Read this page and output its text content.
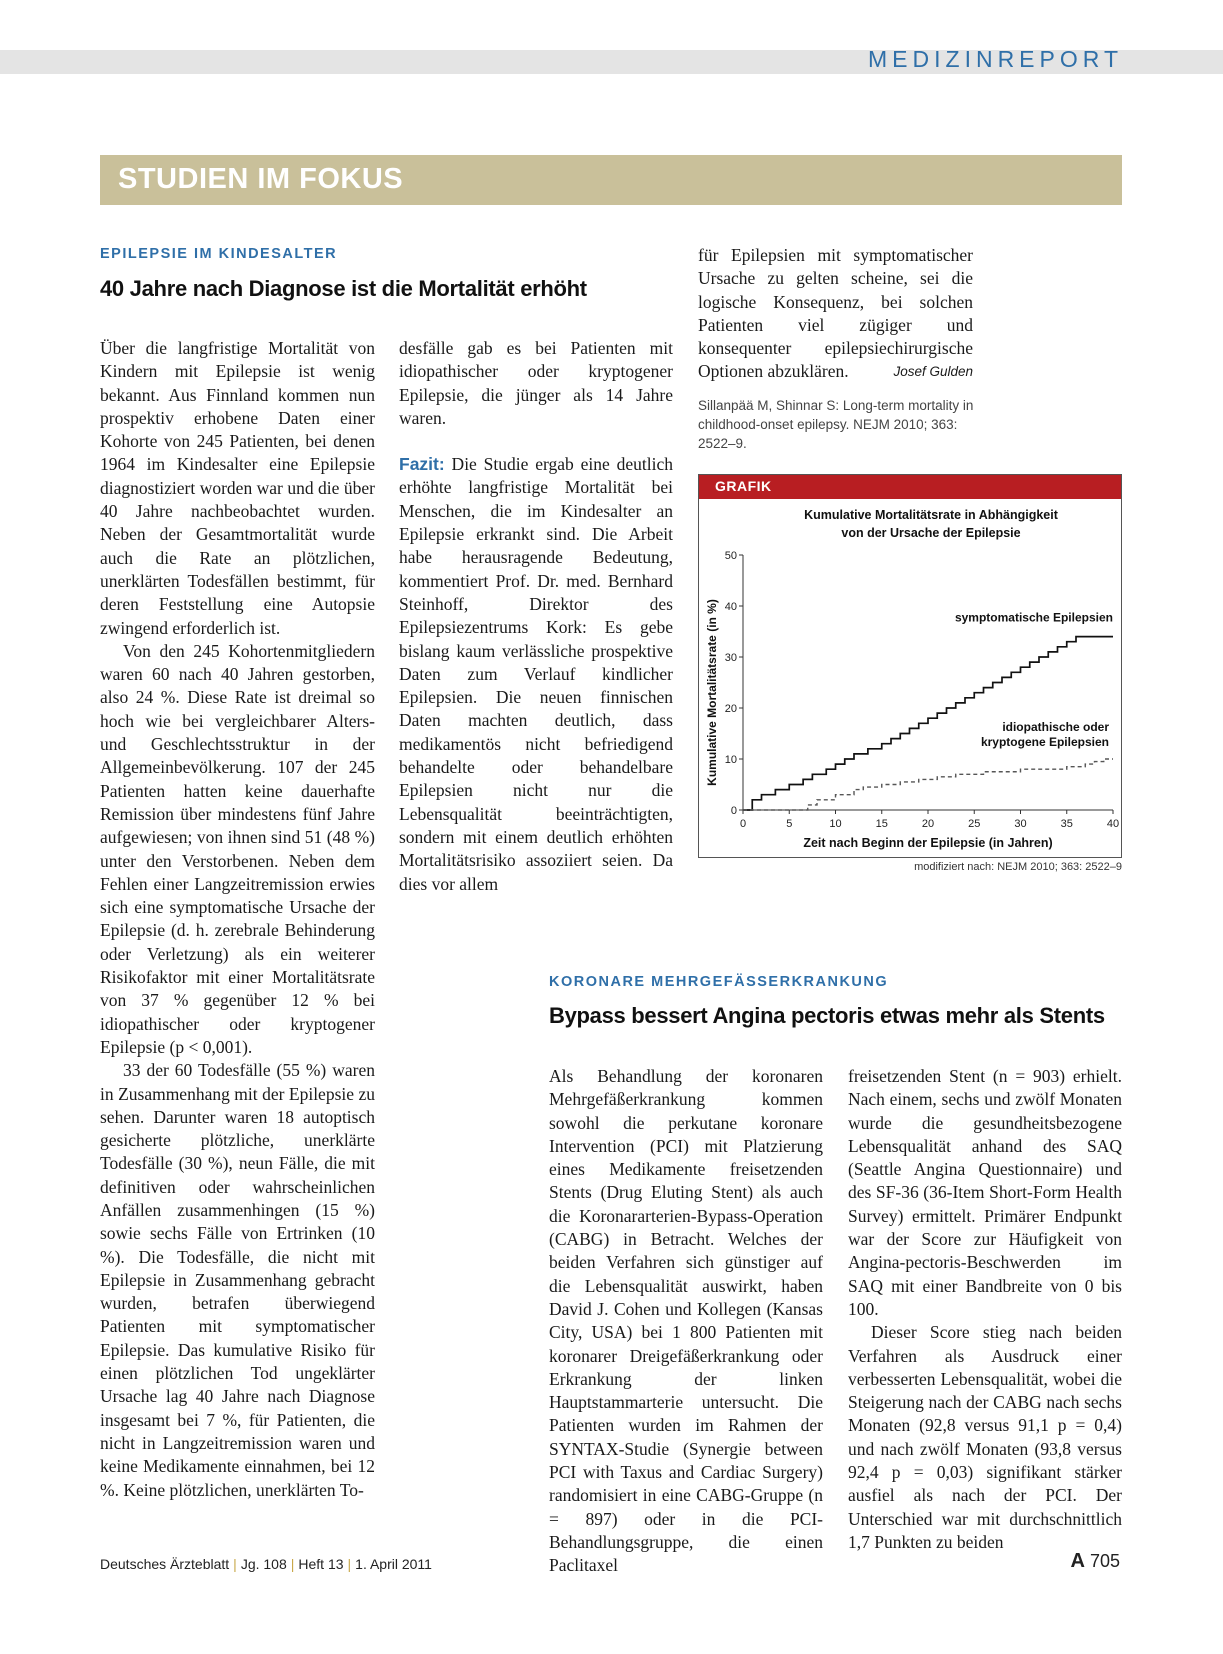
MEDIZINREPORT
STUDIEN IM FOKUS
EPILEPSIE IM KINDESALTER
40 Jahre nach Diagnose ist die Mortalität erhöht

Über die langfristige Mortalität von Kindern mit Epilepsie ist wenig bekannt. Aus Finnland kommen nun prospektiv erhobene Daten einer Kohorte von 245 Patienten, bei denen 1964 im Kindesalter eine Epilepsie diagnostiziert worden war und die über 40 Jahre nachbeobachtet wurden. Neben der Gesamtmortalität wurde auch die Rate an plötzlichen, unerklärten Todesfällen bestimmt, für deren Feststellung eine Autopsie zwingend erforderlich ist.

Von den 245 Kohortenmitgliedern waren 60 nach 40 Jahren gestorben, also 24 %. Diese Rate ist dreimal so hoch wie bei vergleichbarer Alters- und Geschlechtsstruktur in der Allgemeinbevölkerung. 107 der 245 Patienten hatten keine dauerhafte Remission über mindestens fünf Jahre aufgewiesen; von ihnen sind 51 (48 %) unter den Verstorbenen. Neben dem Fehlen einer Langzeitremission erwies sich eine symptomatische Ursache der Epilepsie (d. h. zerebrale Behinderung oder Verletzung) als ein weiterer Risikofaktor mit einer Mortalitätsrate von 37 % gegenüber 12 % bei idiopathischer oder kryptogener Epilepsie (p < 0,001).

33 der 60 Todesfälle (55 %) waren in Zusammenhang mit der Epilepsie zu sehen. Darunter waren 18 autoptisch gesicherte plötzliche, unerklärte Todesfälle (30 %), neun Fälle, die mit definitiven oder wahrscheinlichen Anfällen zusammenhingen (15 %) sowie sechs Fälle von Ertrinken (10 %). Die Todesfälle, die nicht mit Epilepsie in Zusammenhang gebracht wurden, betrafen überwiegend Patienten mit symptomatischer Epilepsie. Das kumulative Risiko für einen plötzlichen Tod ungeklärter Ursache lag 40 Jahre nach Diagnose insgesamt bei 7 %, für Patienten, die nicht in Langzeitremission waren und keine Medikamente einnahmen, bei 12 %. Keine plötzlichen, unerklärten To-

desfälle gab es bei Patienten mit idiopathischer oder kryptogener Epilepsie, die jünger als 14 Jahre waren.

Fazit: Die Studie ergab eine deutlich erhöhte langfristige Mortalität bei Menschen, die im Kindesalter an Epilepsie erkrankt sind. Die Arbeit habe herausragende Bedeutung, kommentiert Prof. Dr. med. Bernhard Steinhoff, Direktor des Epilepsiezentrums Kork: Es gebe bislang kaum verlässliche prospektive Daten zum Verlauf kindlicher Epilepsien. Die neuen finnischen Daten machten deutlich, dass medikamentös nicht befriedigend behandelte oder behandelbare Epilepsien nicht nur die Lebensqualität beeinträchtigten, sondern mit einem deutlich erhöhten Mortalitätsrisiko assoziiert seien. Da dies vor allem

für Epilepsien mit symptomatischer Ursache zu gelten scheine, sei die logische Konsequenz, bei solchen Patienten viel zügiger und konsequenter epilepsiechirurgische Optionen abzuklären.	Josef Gulden

Sillanpää M, Shinnar S: Long-term mortality in childhood-onset epilepsy. NEJM 2010; 363: 2522–9.
GRAFIK
0	5	10	15	20	25	30	35	40
0
10
20
30
40
50
Kumulative Mortalitätsrate in Abhängigkeit
von der Ursache der Epilepsie
Zeit nach Beginn der Epilepsie (in Jahren)
Kumulative Mortalitätsrate (in %)	symptomatische Epilepsien
idiopathische oder
kryptogene Epilepsien
modifiziert nach: NEJM 2010; 363: 2522–9
KORONARE MEHRGEFÄSSERKRANKUNG
Bypass bessert Angina pectoris etwas mehr als Stents

Als Behandlung der koronaren Mehrgefäßerkrankung kommen sowohl die perkutane koronare Intervention (PCI) mit Platzierung eines Medikamente freisetzenden Stents (Drug Eluting Stent) als auch die Koronararterien-Bypass-Operation (CABG) in Betracht. Welches der beiden Verfahren sich günstiger auf die Lebensqualität auswirkt, haben David J. Cohen und Kollegen (Kansas City, USA) bei 1 800 Patienten mit koronarer Dreigefäßerkrankung oder Erkrankung der linken Hauptstammarterie untersucht. Die Patienten wurden im Rahmen der SYNTAX-Studie (Synergie between PCI with Taxus and Cardiac Surgery) randomisiert in eine CABG-Gruppe (n = 897) oder in die PCI-Behandlungsgruppe, die einen Paclitaxel

freisetzenden Stent (n = 903) erhielt. Nach einem, sechs und zwölf Monaten wurde die gesundheitsbezogene Lebensqualität anhand des SAQ (Seattle Angina Questionnaire) und des SF-36 (36-Item Short-Form Health Survey) ermittelt. Primärer Endpunkt war der Score zur Häufigkeit von Angina-pectoris-Beschwerden im SAQ mit einer Bandbreite von 0 bis 100.

Dieser Score stieg nach beiden Verfahren als Ausdruck einer verbesserten Lebensqualität, wobei die Steigerung nach der CABG nach sechs Monaten (92,8 versus 91,1 p = 0,4) und nach zwölf Monaten (93,8 versus 92,4 p = 0,03) signifikant stärker ausfiel als nach der PCI. Der Unterschied war mit durchschnittlich 1,7 Punkten zu beiden

Deutsches Ärzteblatt | Jg. 108 | Heft 13 | 1. April 2011	A 705
